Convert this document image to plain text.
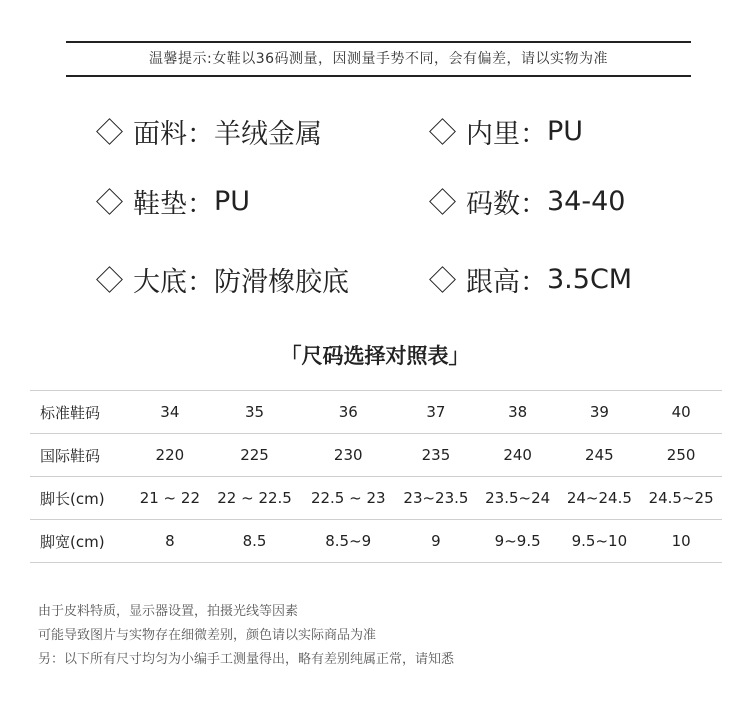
温馨提示:女鞋以36码测量，因测量手势不同，会有偏差，请以实物为准
面料： 羊绒金属	内里： PU
鞋垫： PU	码数： 34-40
大底： 防滑橡胶底	跟高： 3.5CM
「尺码选择对照表」
标准鞋码	34	35	36	37	38	39	40
国际鞋码	220	225	230	235	240	245	250
脚长(cm)	21 ~ 22	22 ~ 22.5	22.5 ~ 23	23~23.5	23.5~24	24~24.5	24.5~25
脚宽(cm)	8	8.5	8.5~9	9	9~9.5	9.5~10	10
由于皮料特质，显示器设置，拍摄光线等因素
可能导致图片与实物存在细微差别，颜色请以实际商品为准
另：以下所有尺寸均匀为小编手工测量得出，略有差别纯属正常，请知悉
